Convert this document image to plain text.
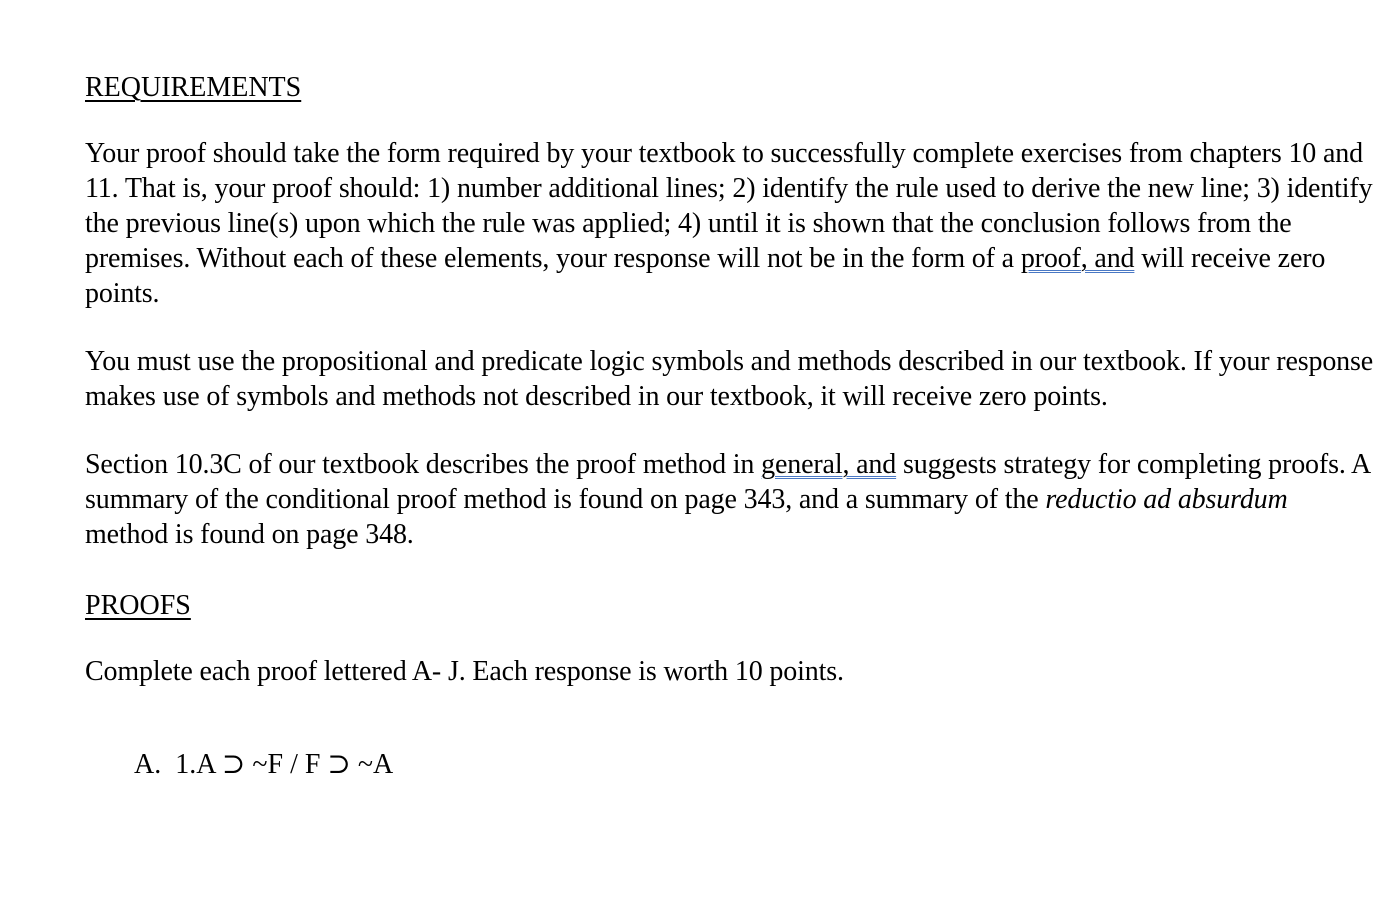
REQUIREMENTS

Your proof should take the form required by your textbook to successfully complete exercises from chapters 10 and 11. That is, your proof should: 1) number additional lines; 2) identify the rule used to derive the new line; 3) identify the previous line(s) upon which the rule was applied; 4) until it is shown that the conclusion follows from the premises. Without each of these elements, your response will not be in the form of a proof, and will receive zero points.

You must use the propositional and predicate logic symbols and methods described in our textbook. If your response makes use of symbols and methods not described in our textbook, it will receive zero points.

Section 10.3C of our textbook describes the proof method in general, and suggests strategy for completing proofs. A summary of the conditional proof method is found on page 343, and a summary of the reductio ad absurdum method is found on page 348.

PROOFS

Complete each proof lettered A- J. Each response is worth 10 points.

A.  1.A ⊃ ~F / F ⊃ ~A
